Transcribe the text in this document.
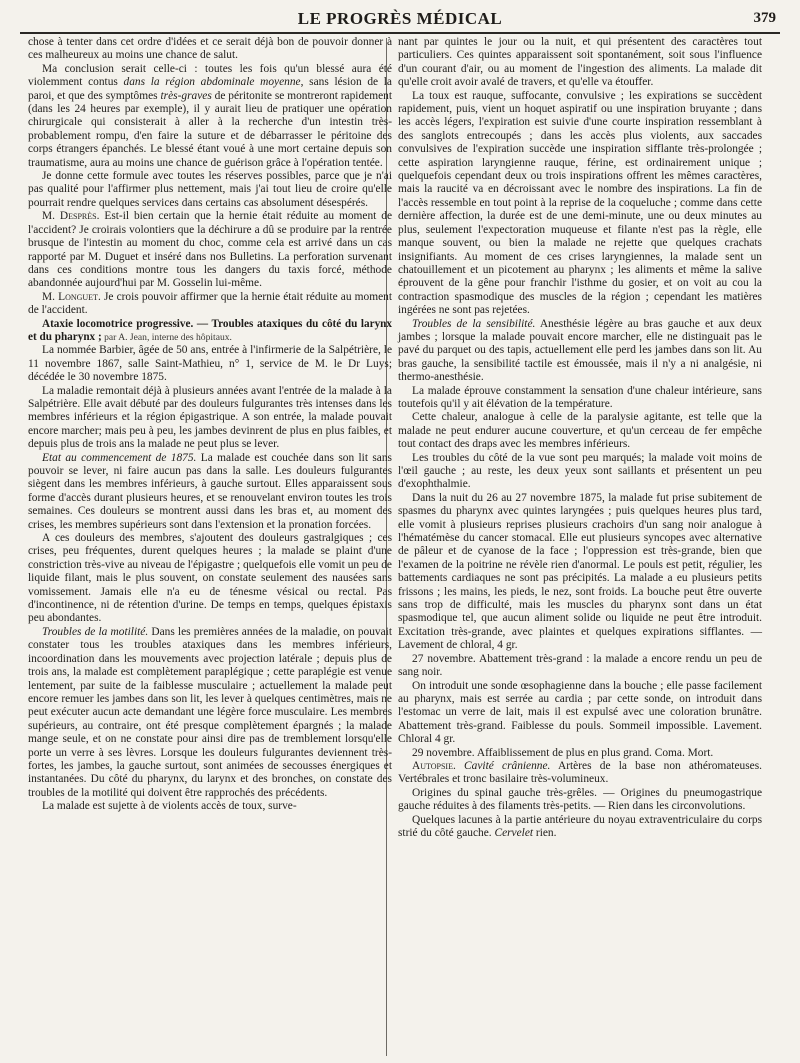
LE PROGRÈS MÉDICAL	379

chose à tenter dans cet ordre d'idées et ce serait déjà bon de pouvoir donner à ces malheureux au moins une chance de salut.

Ma conclusion serait celle-ci : toutes les fois qu'un blessé aura été violemment contus dans la région abdominale moyenne, sans lésion de la paroi, et que des symptômes très-graves de péritonite se montreront rapidement (dans les 24 heures par exemple), il y aurait lieu de pratiquer une opération chirurgicale qui consisterait à aller à la recherche d'un intestin très-probablement rompu, d'en faire la suture et de débarrasser le péritoine des corps étrangers épanchés. Le blessé étant voué à une mort certaine depuis son traumatisme, aura au moins une chance de guérison grâce à l'opération tentée.

Je donne cette formule avec toutes les réserves possibles, parce que je n'ai pas qualité pour l'affirmer plus nettement, mais j'ai tout lieu de croire qu'elle pourrait rendre quelques services dans certains cas absolument désespérés.

M. Desprès. Est-il bien certain que la hernie était réduite au moment de l'accident? Je croirais volontiers que la déchirure a dû se produire par la rentrée brusque de l'intestin au moment du choc, comme cela est arrivé dans un cas rapporté par M. Duguet et inséré dans nos Bulletins. La perforation survenant dans ces conditions montre tous les dangers du taxis forcé, méthode abandonnée aujourd'hui par M. Gosselin lui-même.

M. Longuet. Je crois pouvoir affirmer que la hernie était réduite au moment de l'accident.

Ataxie locomotrice progressive. — Troubles ataxiques du côté du larynx et du pharynx ; par A. Jean, interne des hôpitaux.

La nommée Barbier, âgée de 50 ans, entrée à l'infirmerie de la Salpétrière, le 11 novembre 1867, salle Saint-Mathieu, n° 1, service de M. le Dr Luys; décédée le 30 novembre 1875.

La maladie remontait déjà à plusieurs années avant l'entrée de la malade à la Salpétrière. Elle avait débuté par des douleurs fulgurantes très intenses dans les membres inférieurs et la région épigastrique. A son entrée, la malade pouvait encore marcher; mais peu à peu, les jambes devinrent de plus en plus faibles, et depuis plus de trois ans la malade ne peut plus se lever.

Etat au commencement de 1875. La malade est couchée dans son lit sans pouvoir se lever, ni faire aucun pas dans la salle. Les douleurs fulgurantes siègent dans les membres inférieurs, à gauche surtout. Elles apparaissent sous forme d'accès durant plusieurs heures, et se renouvelant environ toutes les trois semaines. Ces douleurs se montrent aussi dans les bras et, au moment des crises, les membres supérieurs sont dans l'extension et la pronation forcées.

A ces douleurs des membres, s'ajoutent des douleurs gastralgiques ; ces crises, peu fréquentes, durent quelques heures ; la malade se plaint d'une constriction très-vive au niveau de l'épigastre ; quelquefois elle vomit un peu de liquide filant, mais le plus souvent, on constate seulement des nausées sans vomissement. Jamais elle n'a eu de ténesme vésical ou rectal. Pas d'incontinence, ni de rétention d'urine. De temps en temps, quelques épistaxis peu abondantes.

Troubles de la motilité. Dans les premières années de la maladie, on pouvait constater tous les troubles ataxiques dans les membres inférieurs, incoordination dans les mouvements avec projection latérale ; depuis plus de trois ans, la malade est complètement paraplégique ; cette paraplégie est venue lentement, par suite de la faiblesse musculaire ; actuellement la malade peut encore remuer les jambes dans son lit, les lever à quelques centimètres, mais ne peut exécuter aucun acte demandant une légère force musculaire. Les membres supérieurs, au contraire, ont été presque complètement épargnés ; la malade mange seule, et on ne constate pour ainsi dire pas de tremblement lorsqu'elle porte un verre à ses lèvres. Lorsque les douleurs fulgurantes deviennent très-fortes, les jambes, la gauche surtout, sont animées de secousses énergiques et instantanées. Du côté du pharynx, du larynx et des bronches, on constate des troubles de la motilité qui doivent être rapprochés des précédents.

La malade est sujette à de violents accès de toux, surve-

nant par quintes le jour ou la nuit, et qui présentent des caractères tout particuliers. Ces quintes apparaissent soit spontanément, soit sous l'influence d'un courant d'air, ou au moment de l'ingestion des aliments. La malade dit qu'elle croit avoir avalé de travers, et qu'elle va étouffer.

La toux est rauque, suffocante, convulsive ; les expirations se succèdent rapidement, puis, vient un hoquet aspiratif ou une inspiration bruyante ; dans les accès légers, l'expiration est suivie d'une courte inspiration ressemblant à des sanglots entrecoupés ; dans les accès plus violents, aux saccades convulsives de l'expiration succède une inspiration sifflante très-prolongée ; cette aspiration laryngienne rauque, férine, est ordinairement unique ; quelquefois cependant deux ou trois inspirations offrent les mêmes caractères, mais la raucité va en décroissant avec le nombre des inspirations. La fin de l'accès ressemble en tout point à la reprise de la coqueluche ; comme dans cette dernière affection, la durée est de une demi-minute, une ou deux minutes au plus, seulement l'expectoration muqueuse et filante n'est pas la règle, elle manque souvent, ou bien la malade ne rejette que quelques crachats insignifiants. Au moment de ces crises laryngiennes, la malade sent un chatouillement et un picotement au pharynx ; les aliments et même la salive éprouvent de la gêne pour franchir l'isthme du gosier, et on voit au cou la contraction spasmodique des muscles de la région ; cependant les matières ingérées ne sont pas rejetées.

Troubles de la sensibilité. Anesthésie légère au bras gauche et aux deux jambes ; lorsque la malade pouvait encore marcher, elle ne distinguait pas le pavé du parquet ou des tapis, actuellement elle perd les jambes dans son lit. Au bras gauche, la sensibilité tactile est émoussée, mais il n'y a ni analgésie, ni thermo-anesthésie.

La malade éprouve constamment la sensation d'une chaleur intérieure, sans toutefois qu'il y ait élévation de la température.

Cette chaleur, analogue à celle de la paralysie agitante, est telle que la malade ne peut endurer aucune couverture, et qu'un cerceau de fer empêche tout contact des draps avec les membres inférieurs.

Les troubles du côté de la vue sont peu marqués; la malade voit moins de l'œil gauche ; au reste, les deux yeux sont saillants et présentent un peu d'exophthalmie.

Dans la nuit du 26 au 27 novembre 1875, la malade fut prise subitement de spasmes du pharynx avec quintes laryngées ; puis quelques heures plus tard, elle vomit à plusieurs reprises plusieurs crachoirs d'un sang noir analogue à l'hématémèse du cancer stomacal. Elle eut plusieurs syncopes avec alternative de pâleur et de cyanose de la face ; l'oppression est très-grande, bien que l'examen de la poitrine ne révèle rien d'anormal. Le pouls est petit, régulier, les battements cardiaques ne sont pas précipités. La malade a eu plusieurs petits frissons ; les mains, les pieds, le nez, sont froids. La bouche peut être ouverte sans trop de difficulté, mais les muscles du pharynx sont dans un état spasmodique tel, que aucun aliment solide ou liquide ne peut être introduit. Excitation très-grande, avec plaintes et quelques expirations sifflantes. — Lavement de chloral, 4 gr.

27 novembre. Abattement très-grand : la malade a encore rendu un peu de sang noir.

On introduit une sonde œsophagienne dans la bouche ; elle passe facilement au pharynx, mais est serrée au cardia ; par cette sonde, on introduit dans l'estomac un verre de lait, mais il est expulsé avec une coloration brunâtre. Abattement très-grand. Faiblesse du pouls. Sommeil impossible. Lavement. Chloral 4 gr.

29 novembre. Affaiblissement de plus en plus grand. Coma. Mort.

Autopsie. Cavité crânienne. Artères de la base non athéromateuses. Vertébrales et tronc basilaire très-volumineux.

Origines du spinal gauche très-grêles. — Origines du pneumogastrique gauche réduites à des filaments très-petits. — Rien dans les circonvolutions.

Quelques lacunes à la partie antérieure du noyau extraventriculaire du corps strié du côté gauche. Cervelet rien.
